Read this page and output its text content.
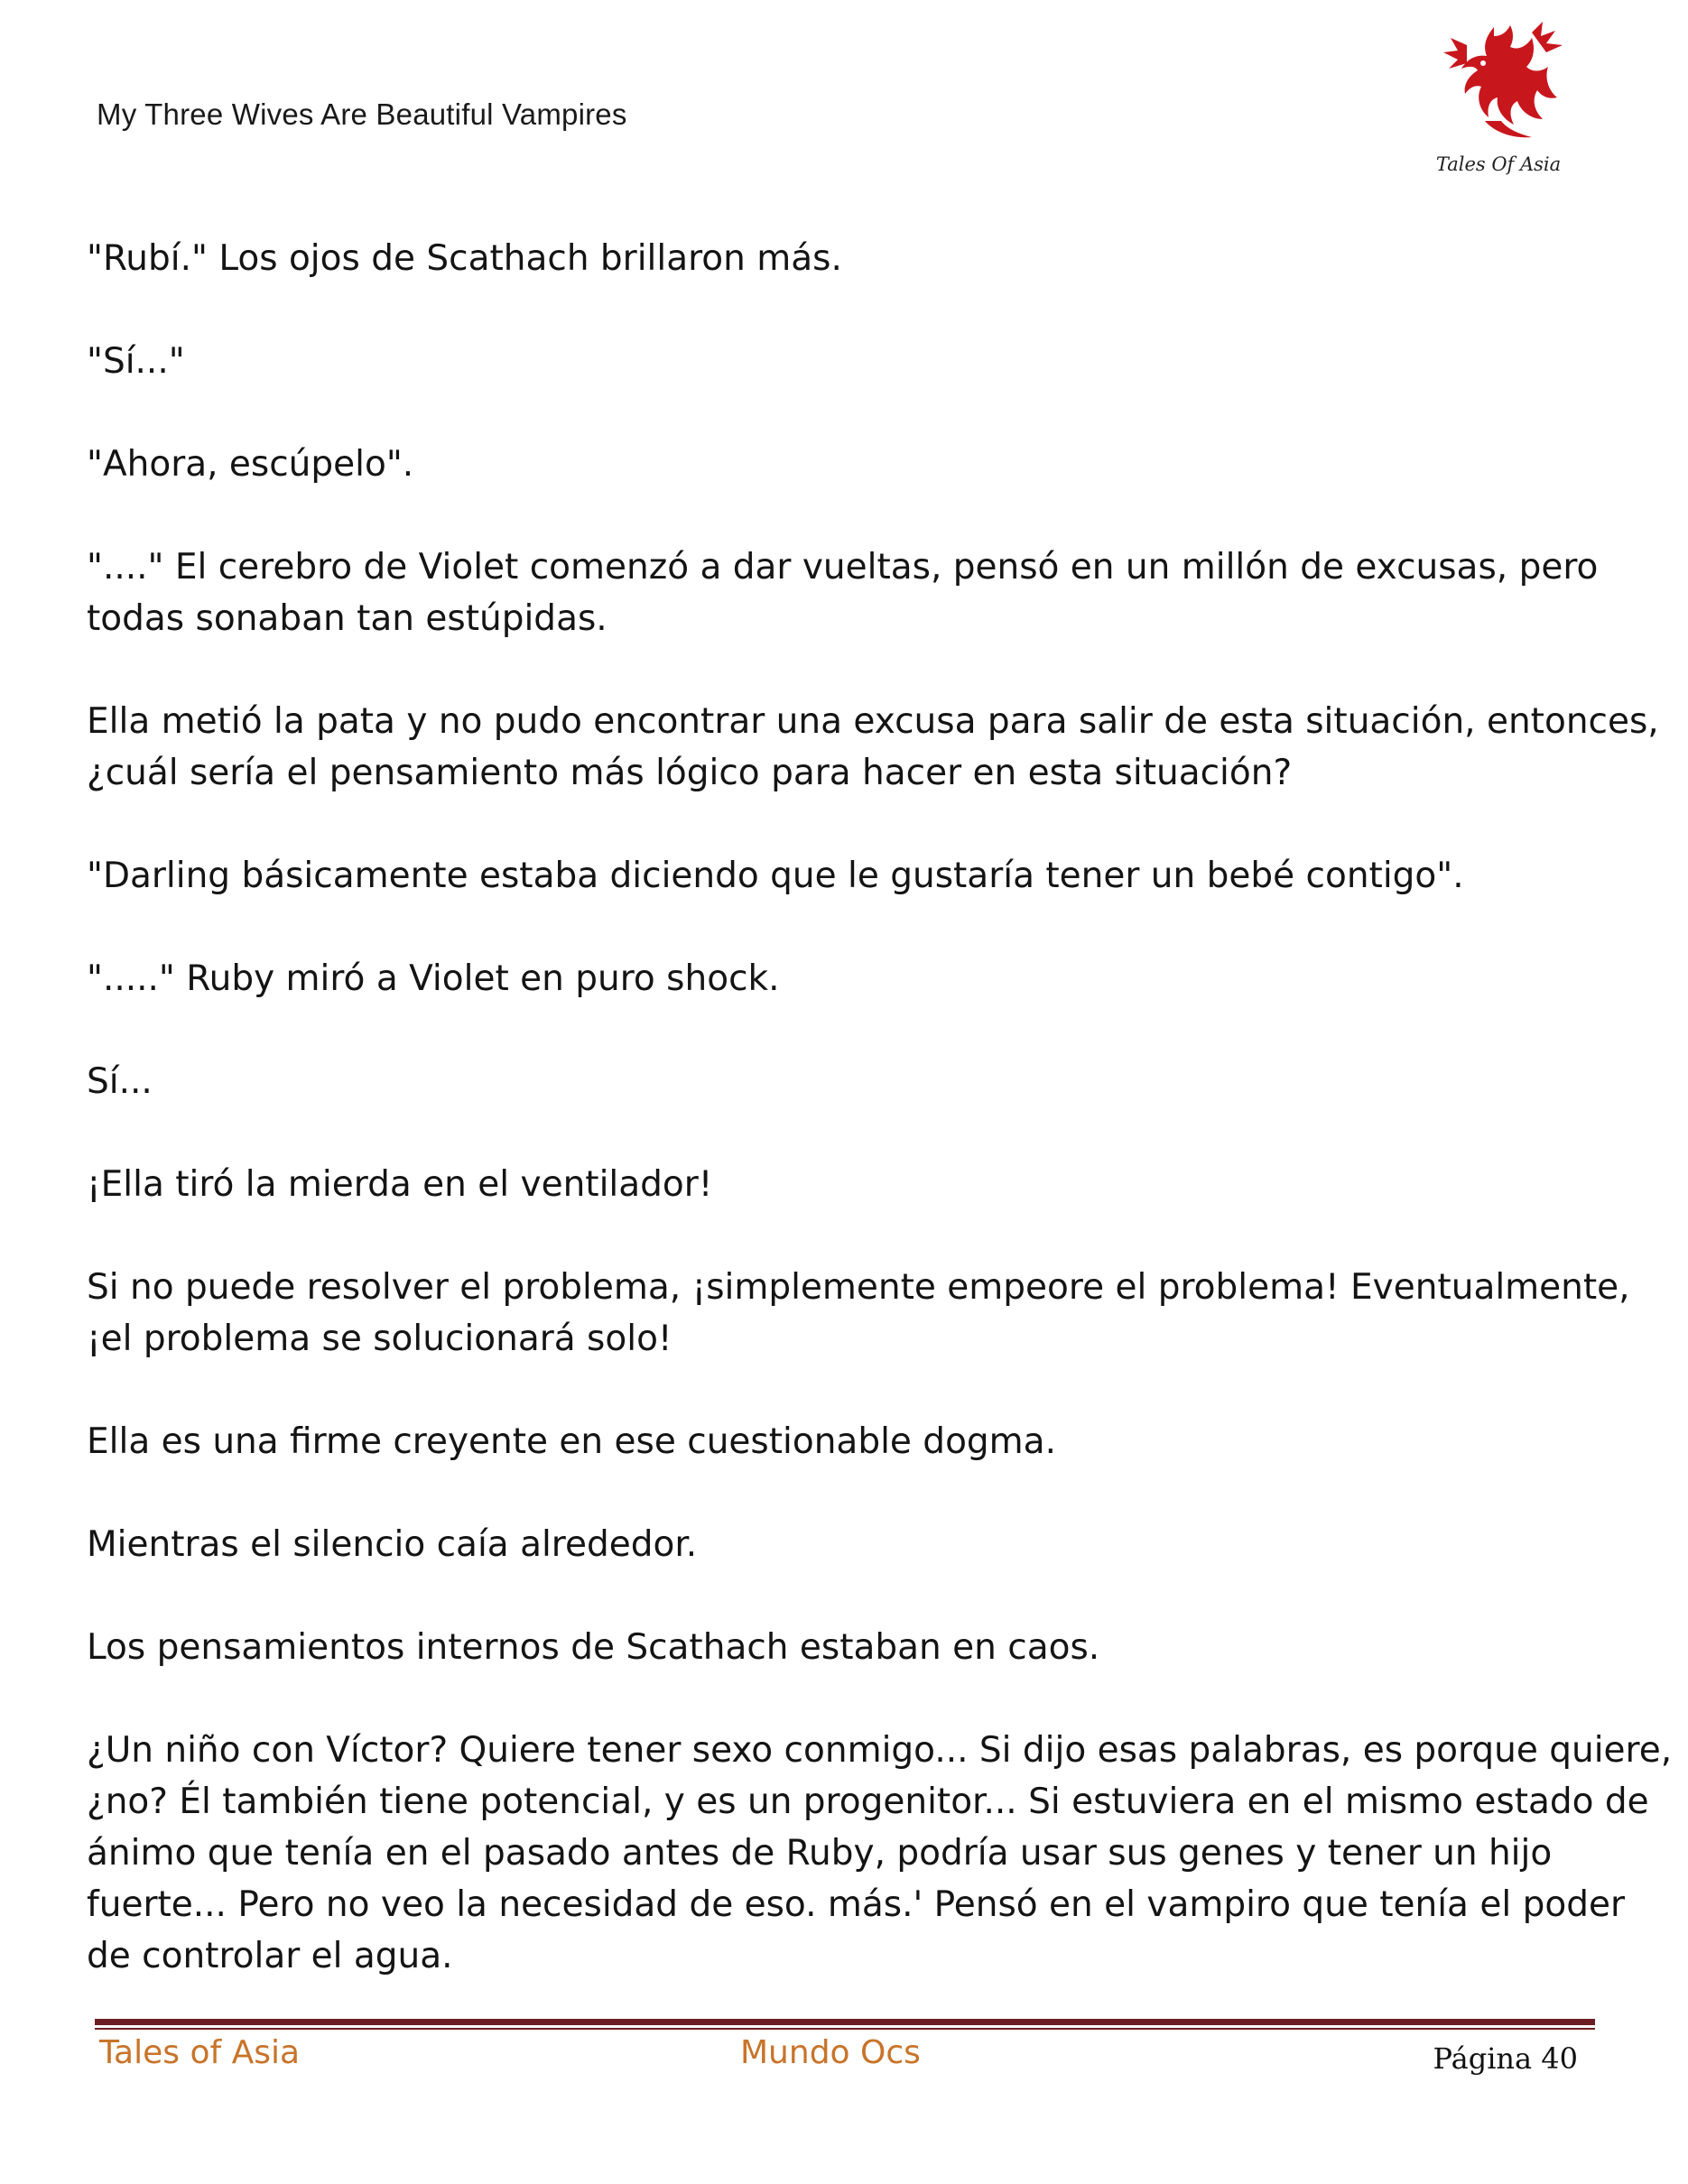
My Three Wives Are Beautiful Vampires
Tales Of Asia

"Rubí." Los ojos de Scathach brillaron más.

"Sí..."

"Ahora, escúpelo".

"...." El cerebro de Violet comenzó a dar vueltas, pensó en un millón de excusas, pero
todas sonaban tan estúpidas.

Ella metió la pata y no pudo encontrar una excusa para salir de esta situación, entonces,
¿cuál sería el pensamiento más lógico para hacer en esta situación?

"Darling básicamente estaba diciendo que le gustaría tener un bebé contigo".

"....." Ruby miró a Violet en puro shock.

Sí...

¡Ella tiró la mierda en el ventilador!

Si no puede resolver el problema, ¡simplemente empeore el problema! Eventualmente,
¡el problema se solucionará solo!

Ella es una firme creyente en ese cuestionable dogma.

Mientras el silencio caía alrededor.

Los pensamientos internos de Scathach estaban en caos.

¿Un niño con Víctor? Quiere tener sexo conmigo... Si dijo esas palabras, es porque quiere,
¿no? Él también tiene potencial, y es un progenitor... Si estuviera en el mismo estado de
ánimo que tenía en el pasado antes de Ruby, podría usar sus genes y tener un hijo
fuerte... Pero no veo la necesidad de eso. más.' Pensó en el vampiro que tenía el poder
de controlar el agua.

Tales of Asia	Mundo Ocs	Página 40
